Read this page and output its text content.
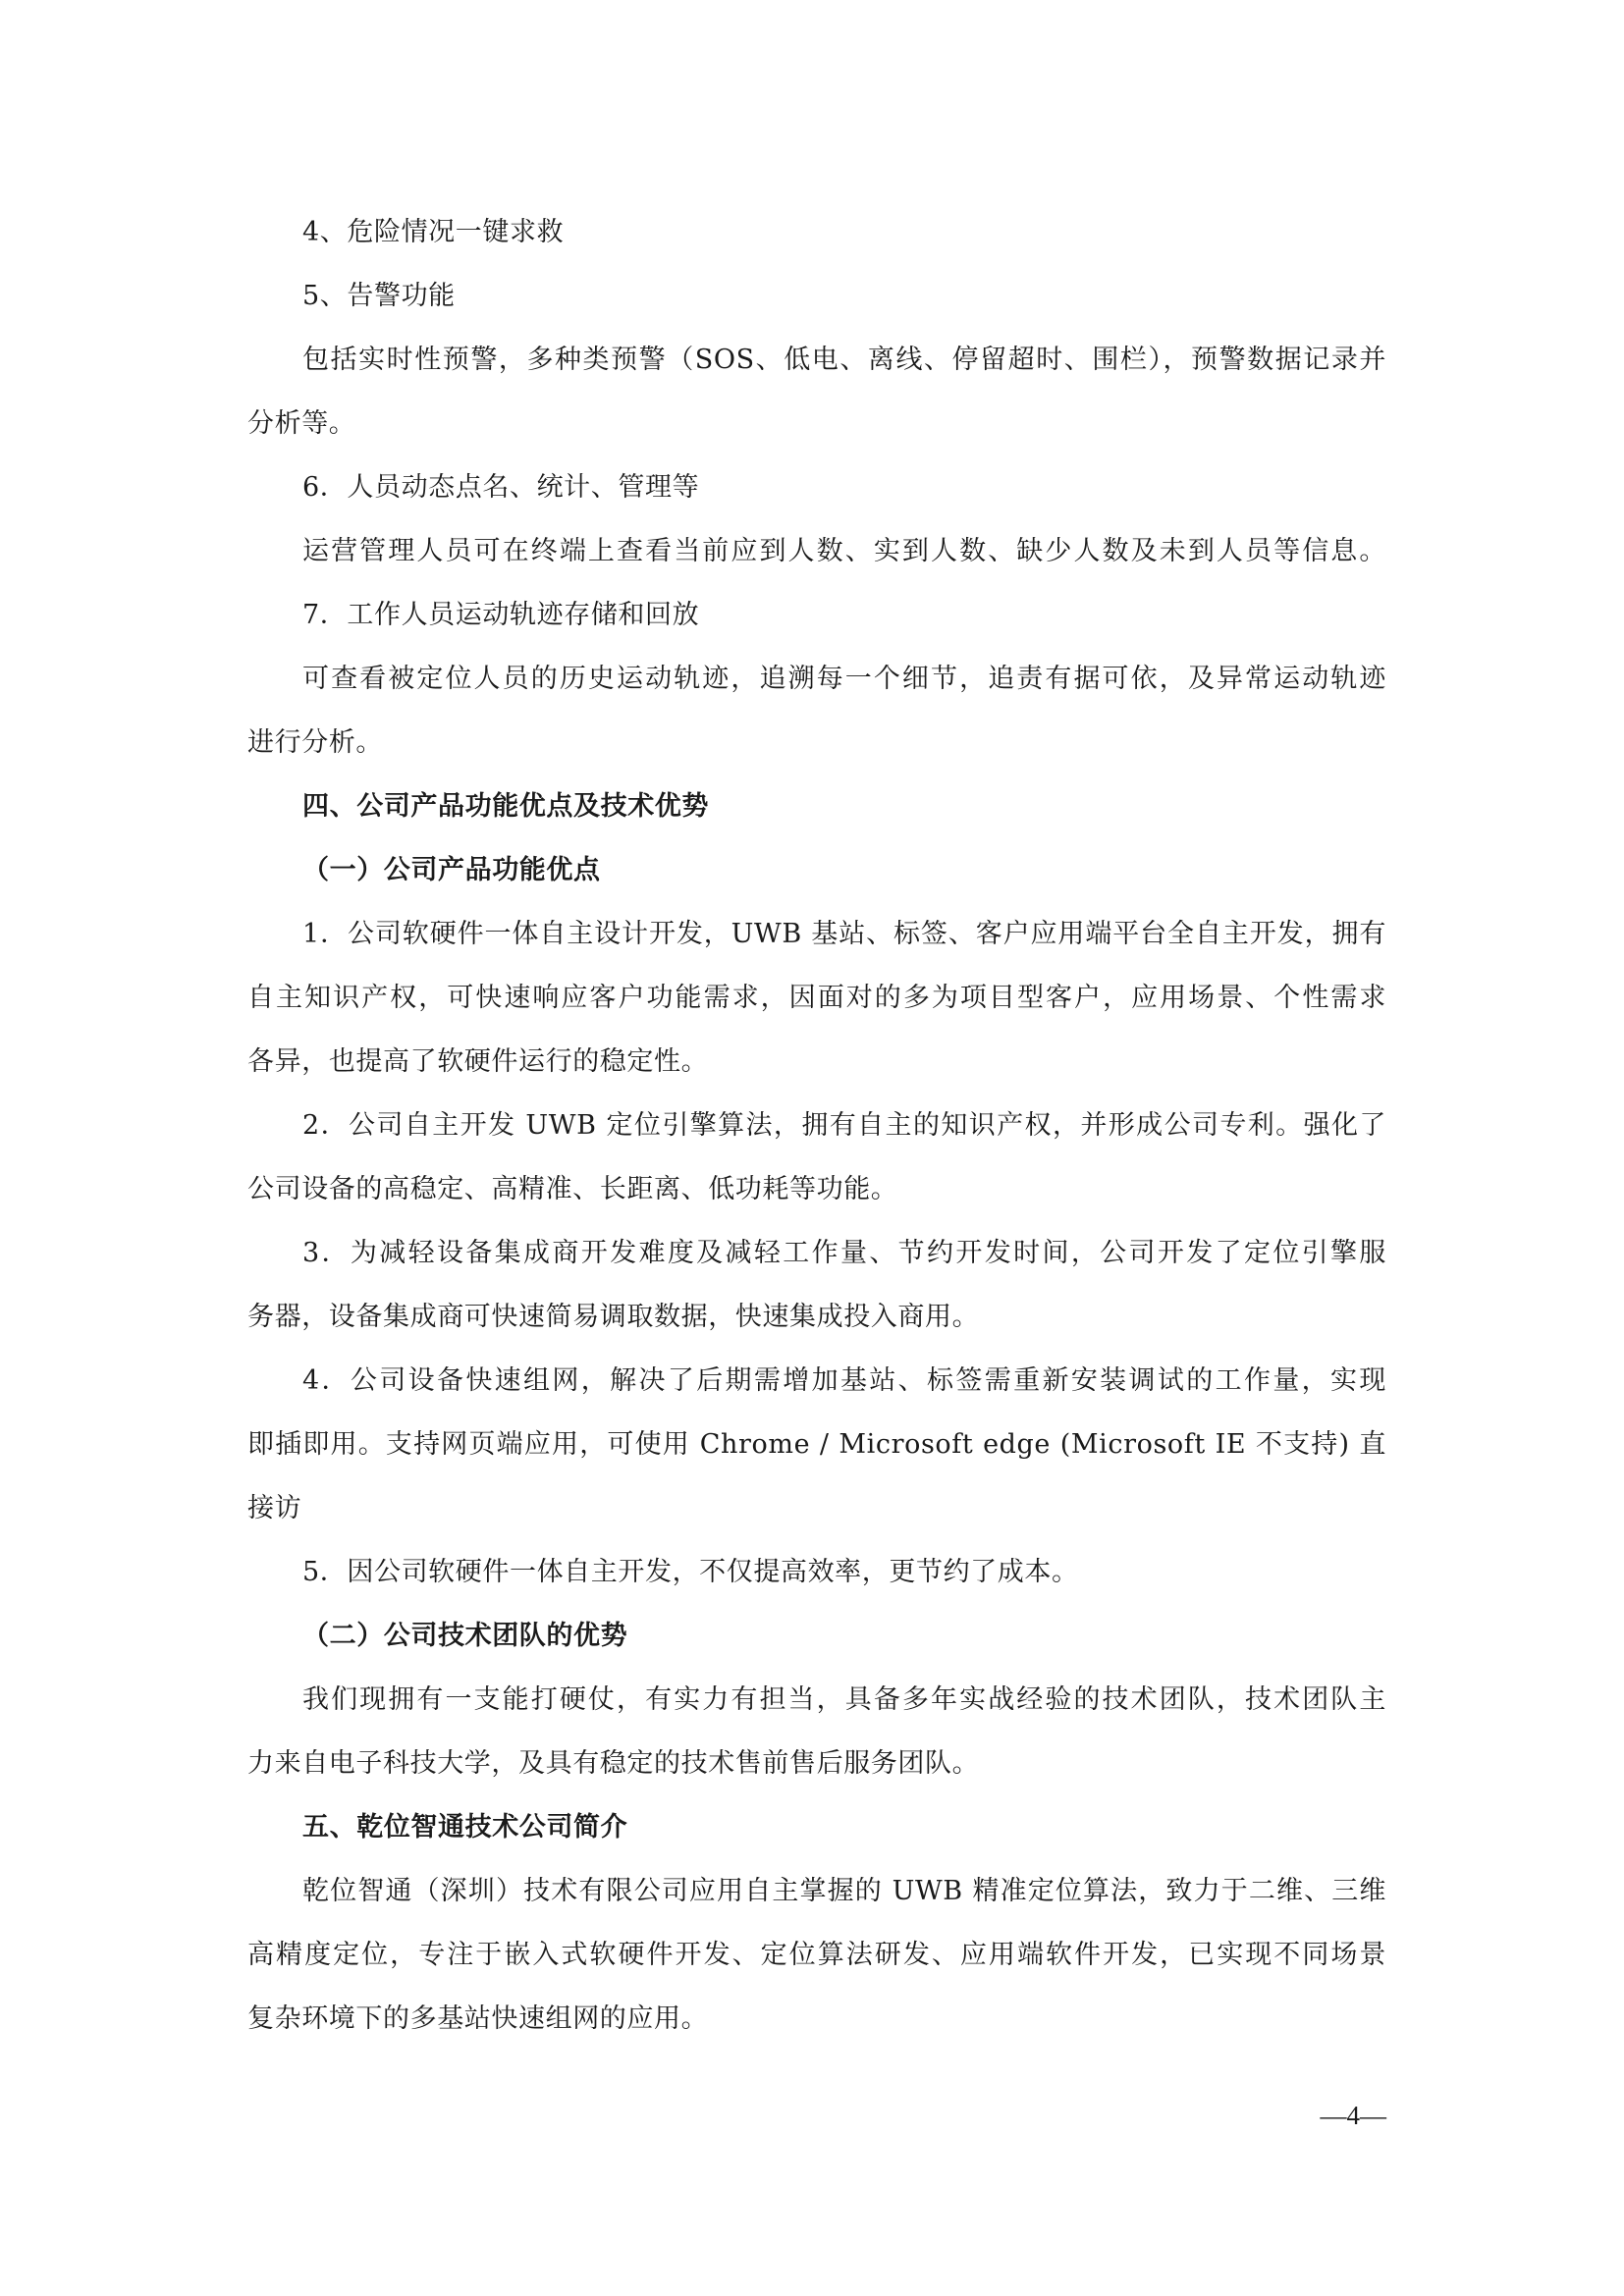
4、危险情况一键求救
5、告警功能
包括实时性预警，多种类预警（SOS、低电、离线、停留超时、围栏），预警数据记录并
分析等。
6．人员动态点名、统计、管理等
运营管理人员可在终端上查看当前应到人数、实到人数、缺少人数及未到人员等信息。
7．工作人员运动轨迹存储和回放
可查看被定位人员的历史运动轨迹，追溯每一个细节，追责有据可依，及异常运动轨迹
进行分析。
四、公司产品功能优点及技术优势
（一）公司产品功能优点
1．公司软硬件一体自主设计开发，UWB 基站、标签、客户应用端平台全自主开发，拥有
自主知识产权，可快速响应客户功能需求，因面对的多为项目型客户，应用场景、个性需求
各异，也提高了软硬件运行的稳定性。
2．公司自主开发 UWB 定位引擎算法，拥有自主的知识产权，并形成公司专利。强化了
公司设备的高稳定、高精准、长距离、低功耗等功能。
3．为减轻设备集成商开发难度及减轻工作量、节约开发时间，公司开发了定位引擎服
务器，设备集成商可快速简易调取数据，快速集成投入商用。
4．公司设备快速组网，解决了后期需增加基站、标签需重新安装调试的工作量，实现
即插即用。支持网页端应用，可使用 Chrome / Microsoft edge (Microsoft IE 不支持) 直
接访
5．因公司软硬件一体自主开发，不仅提高效率，更节约了成本。
（二）公司技术团队的优势
我们现拥有一支能打硬仗，有实力有担当，具备多年实战经验的技术团队，技术团队主
力来自电子科技大学，及具有稳定的技术售前售后服务团队。
五、乾位智通技术公司简介
乾位智通（深圳）技术有限公司应用自主掌握的 UWB 精准定位算法，致力于二维、三维
高精度定位，专注于嵌入式软硬件开发、定位算法研发、应用端软件开发，已实现不同场景
复杂环境下的多基站快速组网的应用。
—4—
